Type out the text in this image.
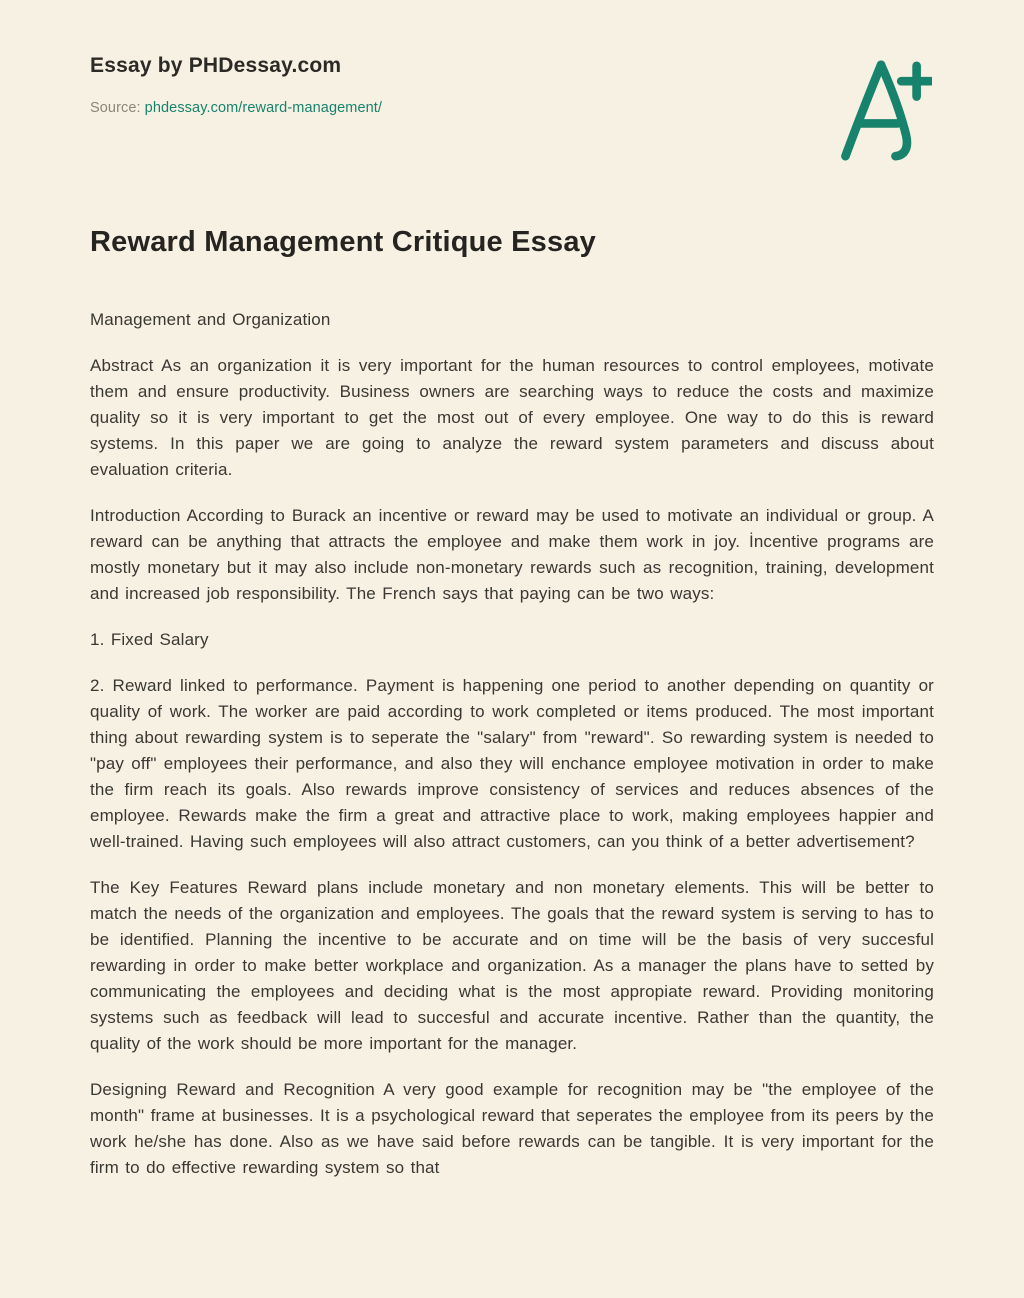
Essay by PHDessay.com
Source: phdessay.com/reward-management/
Reward Management Critique Essay

Management and Organization

Abstract As an organization it is very important for the human resources to control employees, motivate them and ensure productivity. Business owners are searching ways to reduce the costs and maximize quality so it is very important to get the most out of every employee. One way to do this is reward systems. In this paper we are going to analyze the reward system parameters and discuss about evaluation criteria.

Introduction According to Burack an incentive or reward may be used to motivate an individual or group. A reward can be anything that attracts the employee and make them work in joy. İncentive programs are mostly monetary but it may also include non-monetary rewards such as recognition, training, development and increased job responsibility. The French says that paying can be two ways:

1. Fixed Salary

2. Reward linked to performance. Payment is happening one period to another depending on quantity or quality of work. The worker are paid according to work completed or items produced. The most important thing about rewarding system is to seperate the "salary" from "reward". So rewarding system is needed to "pay off" employees their performance, and also they will enchance employee motivation in order to make the firm reach its goals. Also rewards improve consistency of services and reduces absences of the employee. Rewards make the firm a great and attractive place to work, making employees happier and well-trained. Having such employees will also attract customers, can you think of a better advertisement?

The Key Features Reward plans include monetary and non monetary elements. This will be better to match the needs of the organization and employees. The goals that the reward system is serving to has to be identified. Planning the incentive to be accurate and on time will be the basis of very succesful rewarding in order to make better workplace and organization. As a manager the plans have to setted by communicating the employees and deciding what is the most appropiate reward. Providing monitoring systems such as feedback will lead to succesful and accurate incentive. Rather than the quantity, the quality of the work should be more important for the manager.

Designing Reward and Recognition A very good example for recognition may be "the employee of the month" frame at businesses. It is a psychological reward that seperates the employee from its peers by the work he/she has done. Also as we have said before rewards can be tangible. It is very important for the firm to do effective rewarding system so that
